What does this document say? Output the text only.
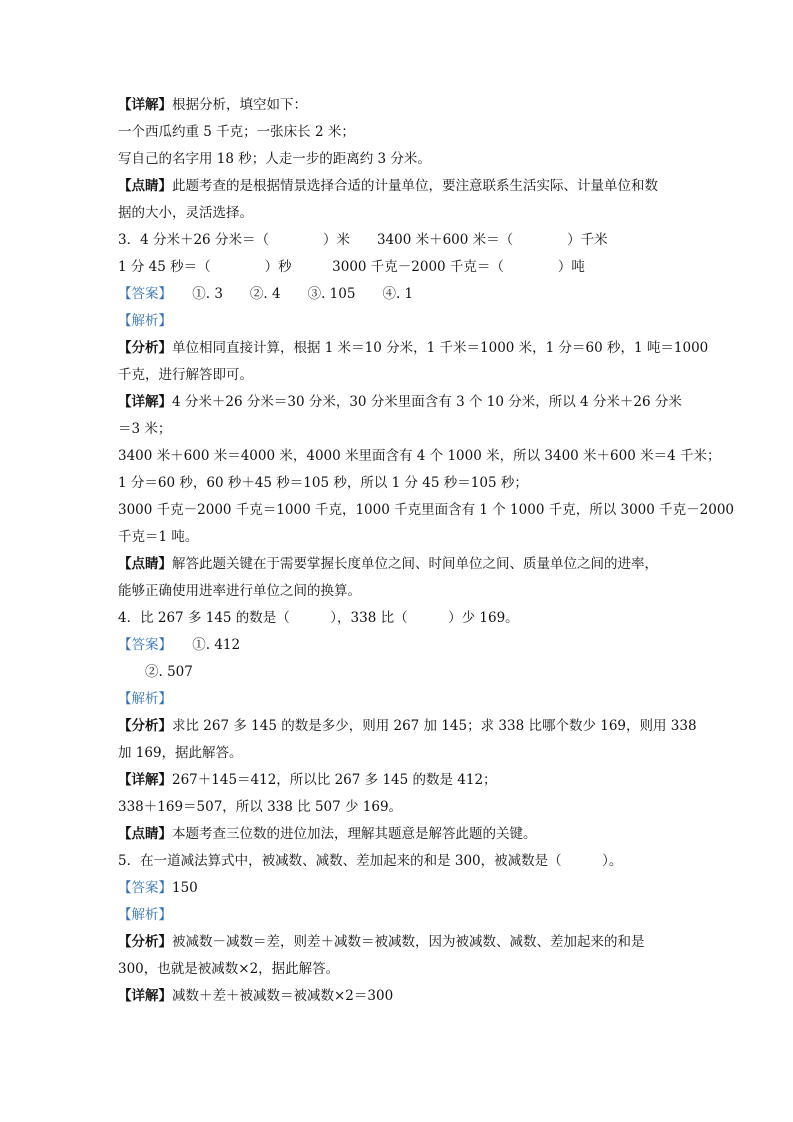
【详解】根据分析，填空如下：
一个西瓜约重 5 千克；一张床长 2 米；
写自己的名字用 18 秒；人走一步的距离约 3 分米。
【点睛】此题考查的是根据情景选择合适的计量单位，要注意联系生活实际、计量单位和数
据的大小，灵活选择。
3．4 分米＋26 分米＝（　　　　）米　　3400 米＋600 米＝（　　　　）千米
1 分 45 秒＝（　　　　）秒　　　3000 千克－2000 千克＝（　　　　）吨
【答案】　　①. 3　　②. 4　　③. 105　　④. 1
【解析】
【分析】单位相同直接计算，根据 1 米＝10 分米，1 千米＝1000 米，1 分＝60 秒，1 吨＝1000
千克，进行解答即可。
【详解】4 分米＋26 分米＝30 分米，30 分米里面含有 3 个 10 分米，所以 4 分米＋26 分米
＝3 米；
3400 米＋600 米＝4000 米，4000 米里面含有 4 个 1000 米，所以 3400 米＋600 米＝4 千米；
1 分＝60 秒，60 秒＋45 秒＝105 秒，所以 1 分 45 秒＝105 秒；
3000 千克－2000 千克＝1000 千克，1000 千克里面含有 1 个 1000 千克，所以 3000 千克－2000
千克＝1 吨。
【点睛】解答此题关键在于需要掌握长度单位之间、时间单位之间、质量单位之间的进率，
能够正确使用进率进行单位之间的换算。
4．比 267 多 145 的数是（　　　），338 比（　　　）少 169。
【答案】　　①. 412
　　②. 507
【解析】
【分析】求比 267 多 145 的数是多少，则用 267 加 145；求 338 比哪个数少 169，则用 338
加 169，据此解答。
【详解】267＋145＝412，所以比 267 多 145 的数是 412；
338＋169＝507，所以 338 比 507 少 169。
【点睛】本题考查三位数的进位加法，理解其题意是解答此题的关键。
5．在一道减法算式中，被减数、减数、差加起来的和是 300，被减数是（　　　）。
【答案】150
【解析】
【分析】被减数－减数＝差，则差＋减数＝被减数，因为被减数、减数、差加起来的和是
300，也就是被减数×2，据此解答。
【详解】减数＋差＋被减数＝被减数×2＝300
